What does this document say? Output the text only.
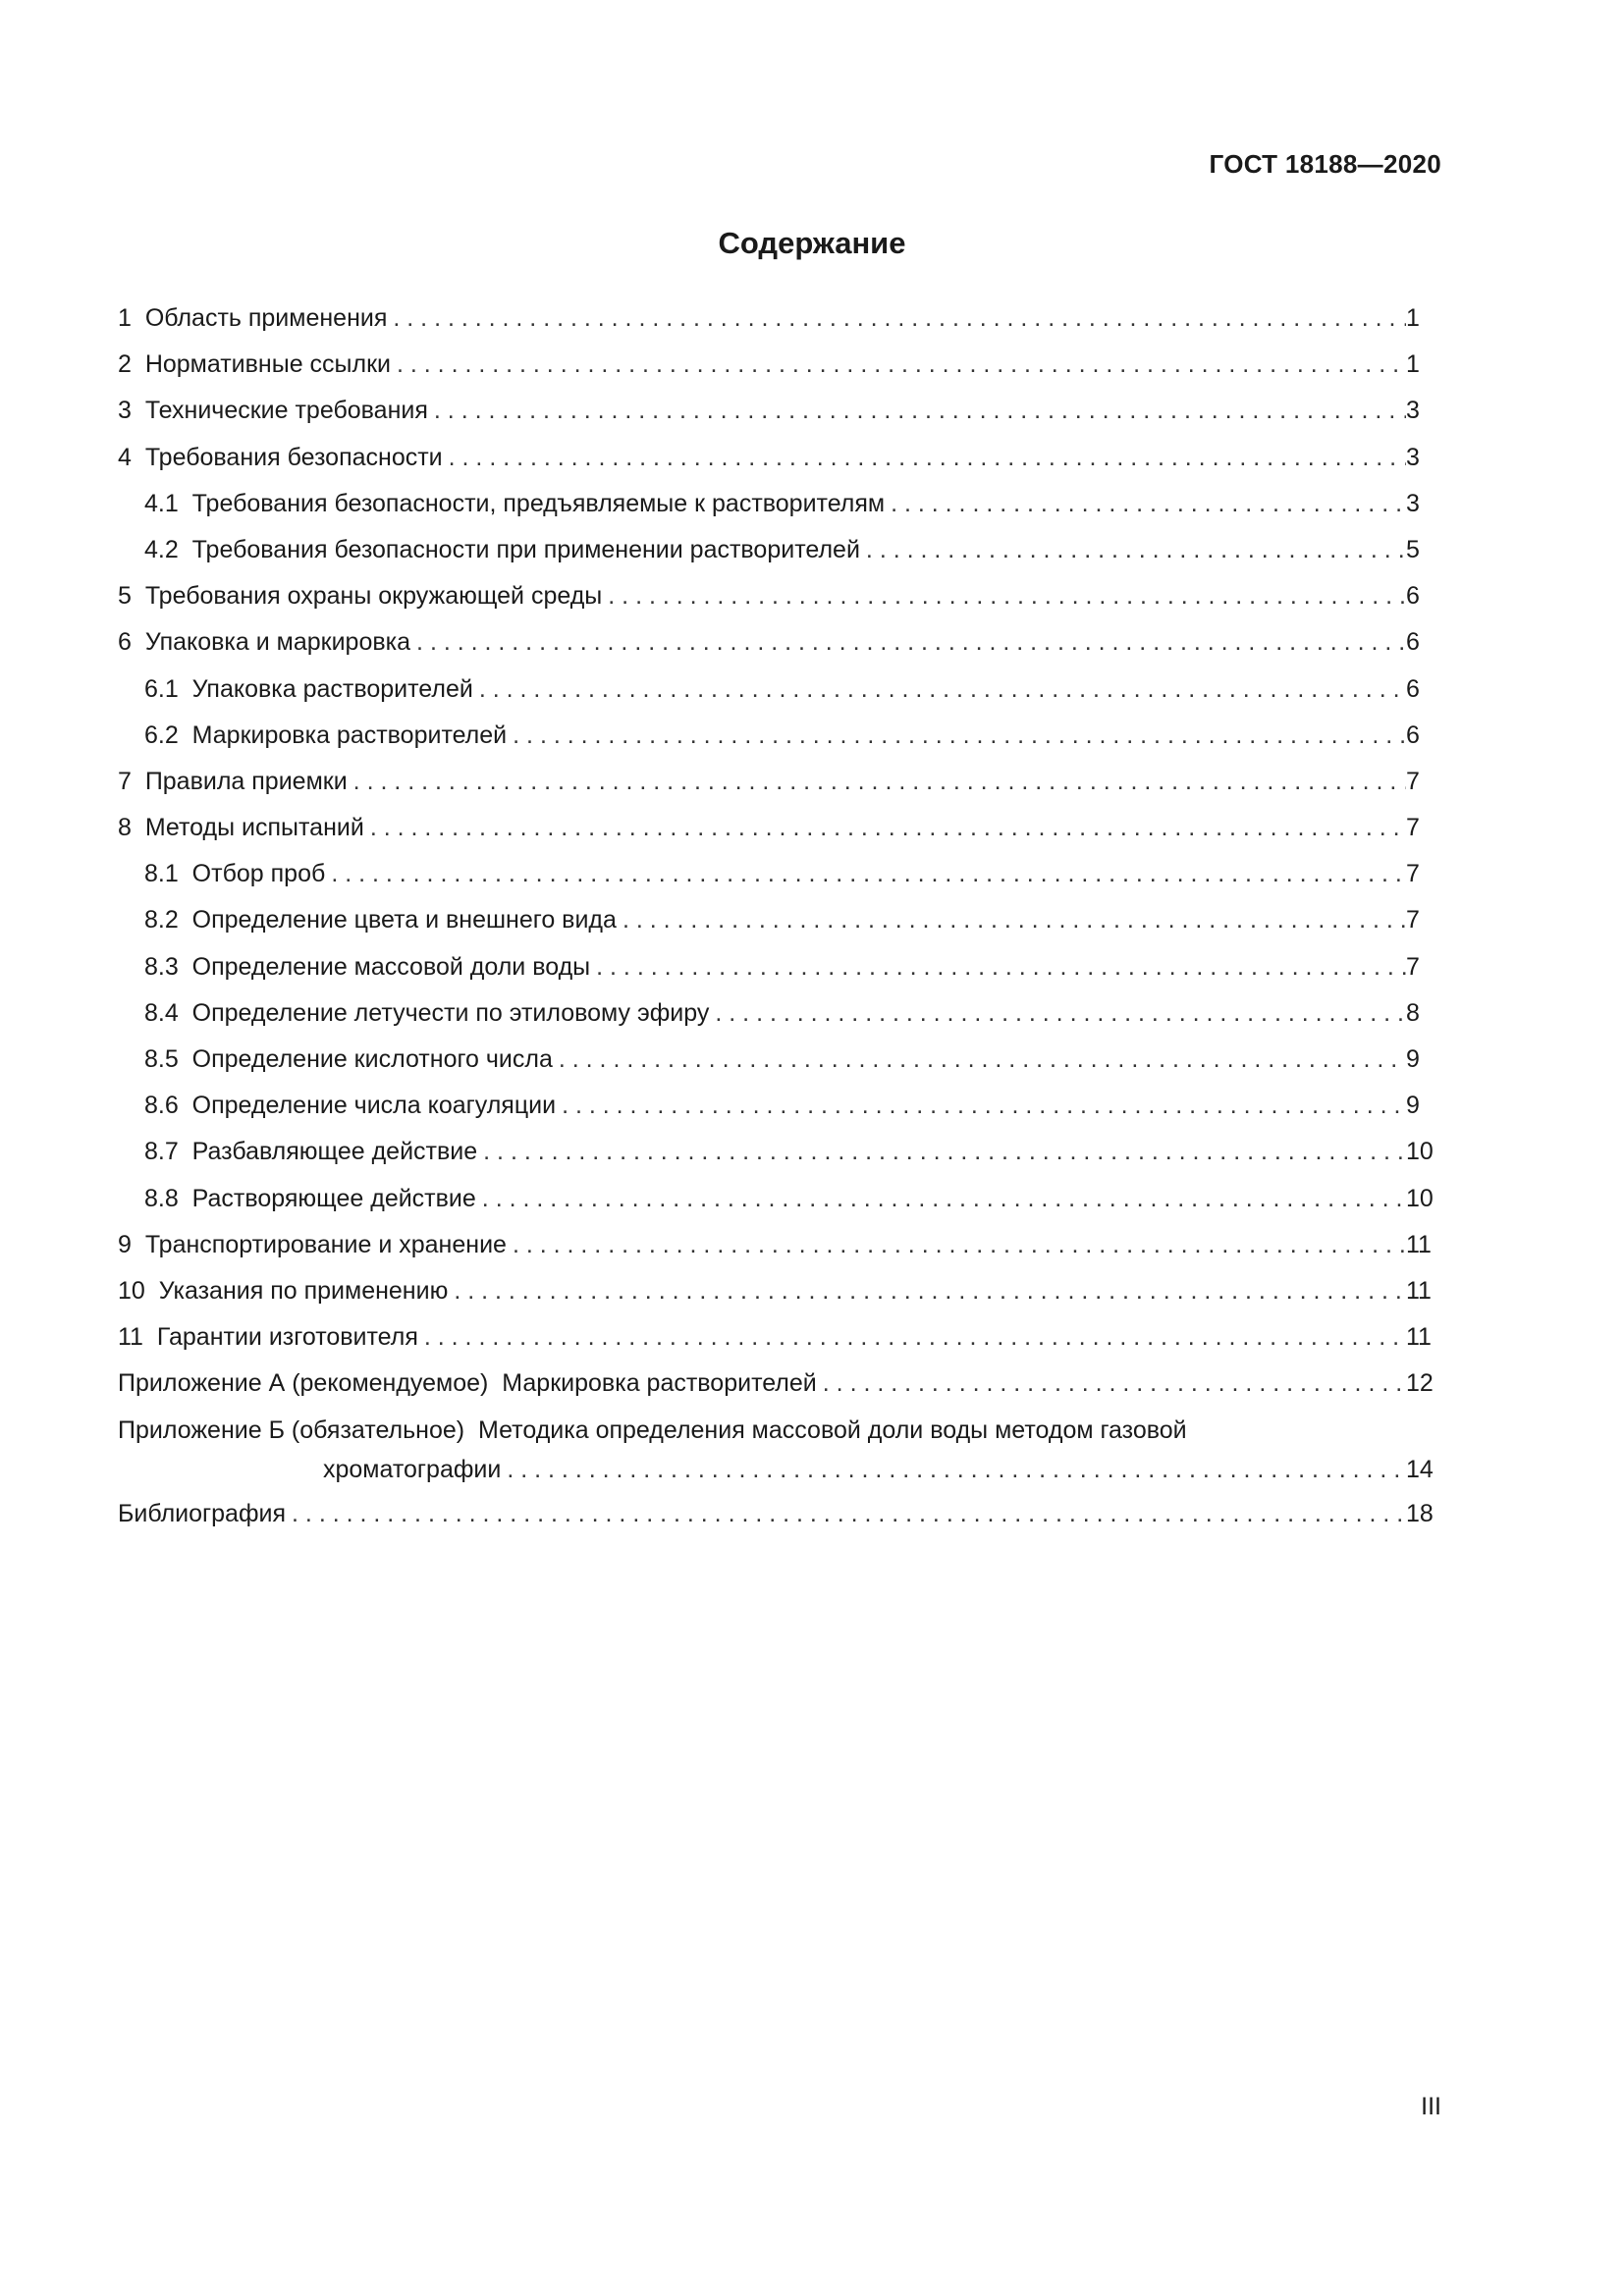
ГОСТ 18188—2020
Содержание
1 Область применения . . .	1
2 Нормативные ссылки . . .	1
3 Технические требования . . .	3
4 Требования безопасности . . .	3
4.1 Требования безопасности, предъявляемые к растворителям . . .	3
4.2 Требования безопасности при применении растворителей . . .	5
5 Требования охраны окружающей среды . . .	6
6 Упаковка и маркировка . . .	6
6.1 Упаковка растворителей . . .	6
6.2 Маркировка растворителей . . .	6
7 Правила приемки . . .	7
8 Методы испытаний . . .	7
8.1 Отбор проб . . .	7
8.2 Определение цвета и внешнего вида . . .	7
8.3 Определение массовой доли воды . . .	7
8.4 Определение летучести по этиловому эфиру . . .	8
8.5 Определение кислотного числа . . .	9
8.6 Определение числа коагуляции . . .	9
8.7 Разбавляющее действие . . .	10
8.8 Растворяющее действие . . .	10
9 Транспортирование и хранение . . .	11
10 Указания по применению . . .	11
11 Гарантии изготовителя . . .	11
Приложение А (рекомендуемое) Маркировка растворителей . . .	12
Приложение Б (обязательное) Методика определения массовой доли воды методом газовой
хроматографии . . .	14
Библиография . . .	18
III
